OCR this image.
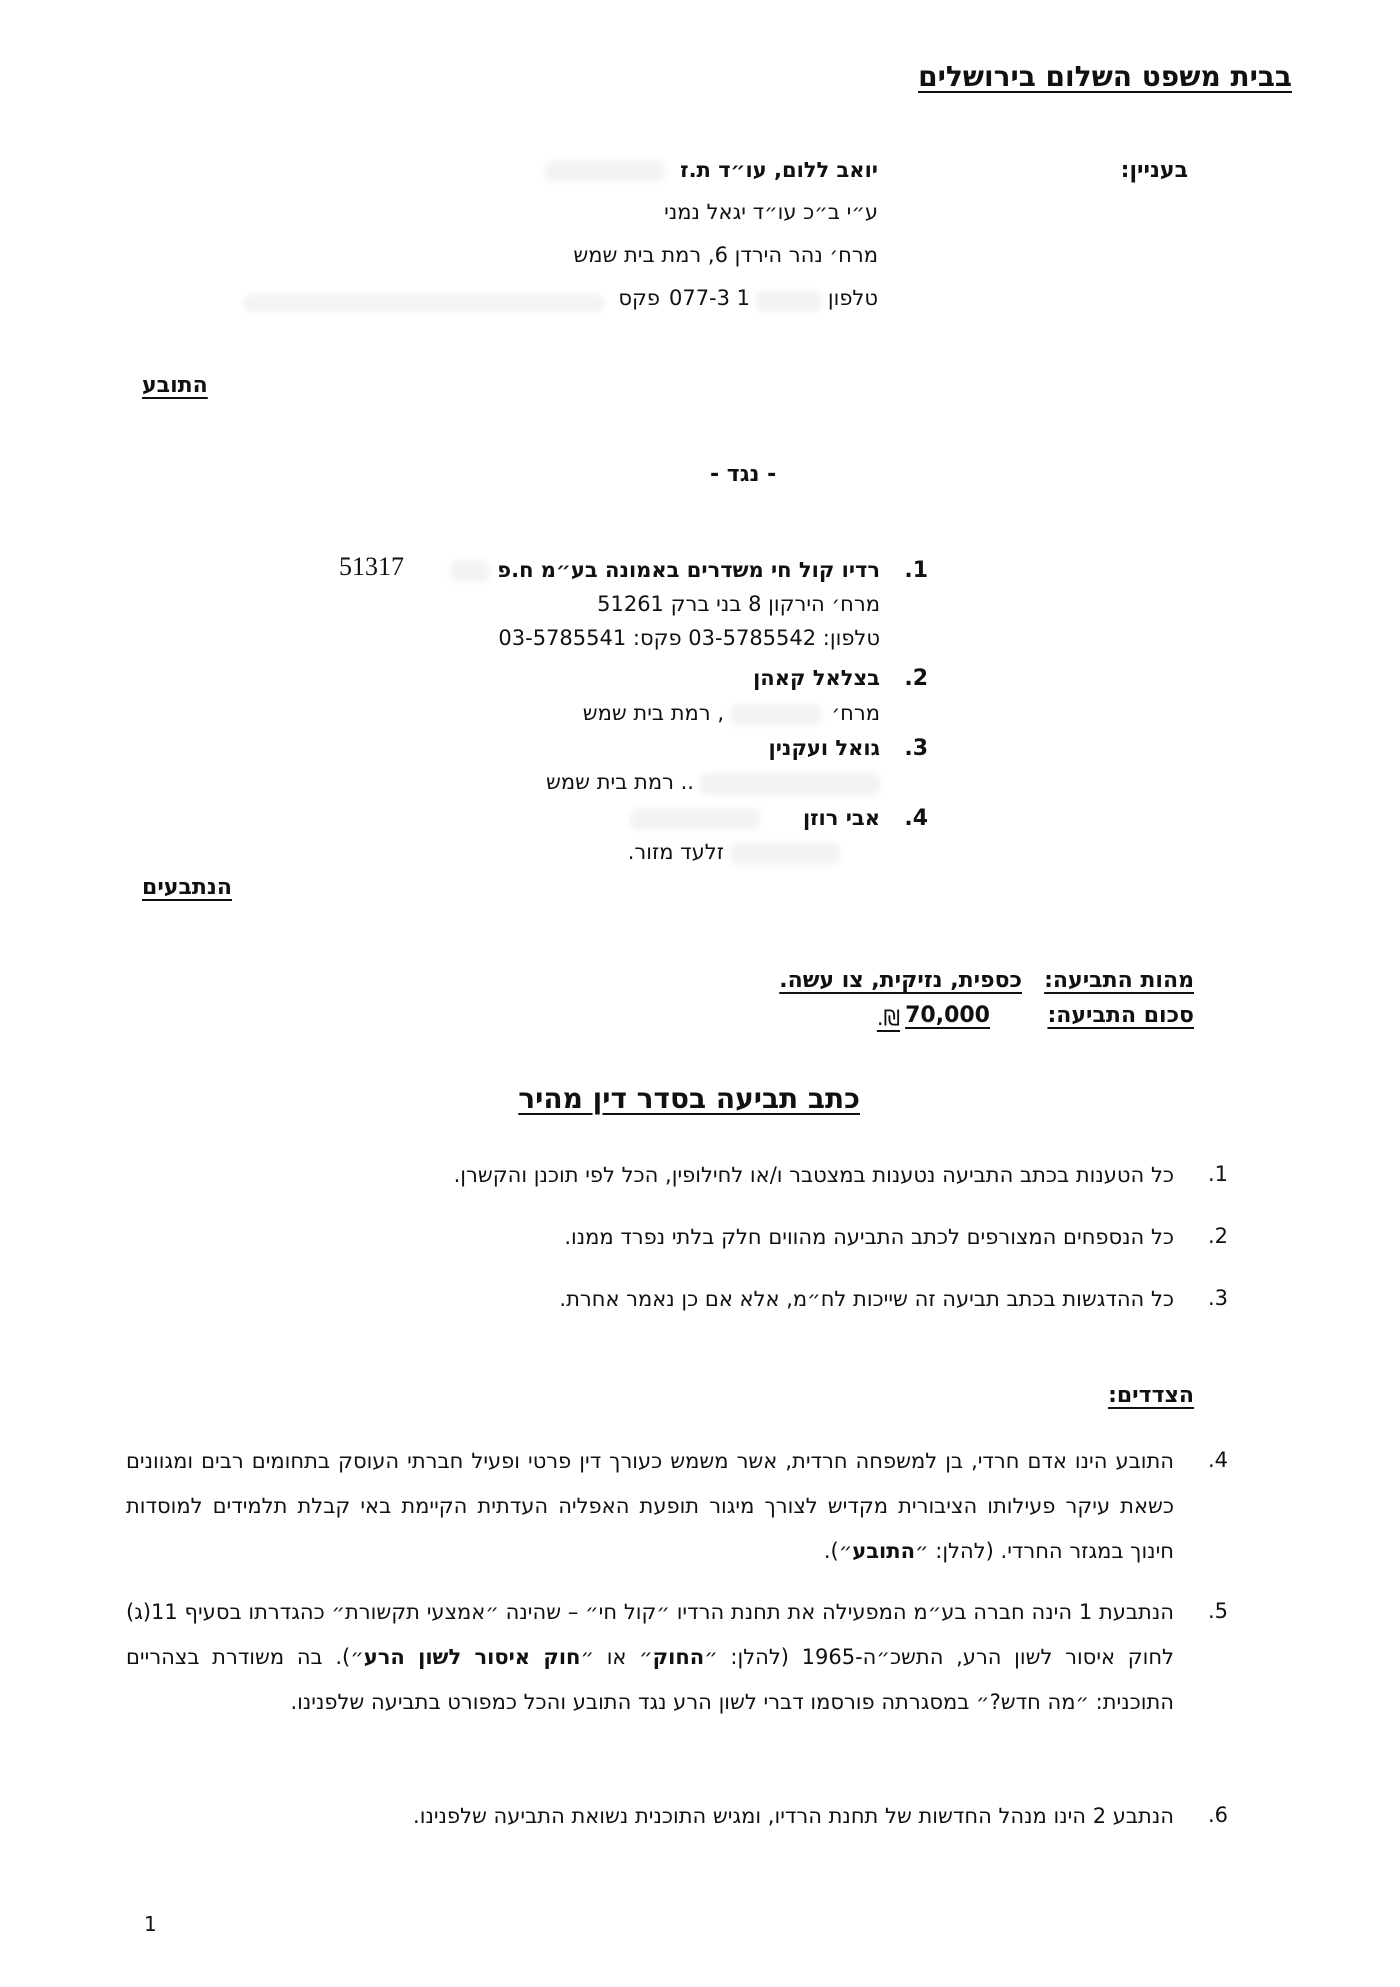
בבית משפט השלום בירושלים
בעניין:
יואב ללום, עו״ד ת.ז
ע״י ב״כ עו״ד יגאל נמני
מרח׳ נהר הירדן 6, רמת בית שמש
טלפון
1
077-3
פקס
התובע
- נגד -
1.
רדיו קול חי משדרים באמונה בע״מ ח.פ
51317
מרח׳ הירקון 8 בני ברק 51261
טלפון: 03-5785542 פקס: 03-5785541
2.
בצלאל קאהן
מרח׳
, רמת בית שמש
3.
גואל ועקנין
.. רמת בית שמש
4.
אבי רוזן
זלעד מזור.
הנתבעים
מהות התביעה:
כספית, נזיקית, צו עשה.
סכום התביעה:
70,000
₪.
כתב תביעה בסדר דין מהיר
1.
כל הטענות בכתב התביעה נטענות במצטבר ו/או לחילופין, הכל לפי תוכנן והקשרן.
2.
כל הנספחים המצורפים לכתב התביעה מהווים חלק בלתי נפרד ממנו.
3.
כל ההדגשות בכתב תביעה זה שייכות לח״מ, אלא אם כן נאמר אחרת.
הצדדים:
4.
התובע הינו אדם חרדי, בן למשפחה חרדית, אשר משמש כעורך דין פרטי ופעיל חברתי העוסק בתחומים רבים ומגוונים כשאת עיקר פעילותו הציבורית מקדיש לצורך מיגור תופעת האפליה העדתית הקיימת באי קבלת תלמידים למוסדות חינוך במגזר החרדי. (להלן: ״התובע״).
5.
הנתבעת 1 הינה חברה בע״מ המפעילה את תחנת הרדיו ״קול חי״ – שהינה ״אמצעי תקשורת״ כהגדרתו בסעיף 11(ג) לחוק איסור לשון הרע, התשכ״ה-1965 (להלן: ״החוק״ או ״חוק איסור לשון הרע״). בה משודרת בצהריים התוכנית: ״מה חדש?״ במסגרתה פורסמו דברי לשון הרע נגד התובע והכל כמפורט בתביעה שלפנינו.
6.
הנתבע 2 הינו מנהל החדשות של תחנת הרדיו, ומגיש התוכנית נשואת התביעה שלפנינו.
1
